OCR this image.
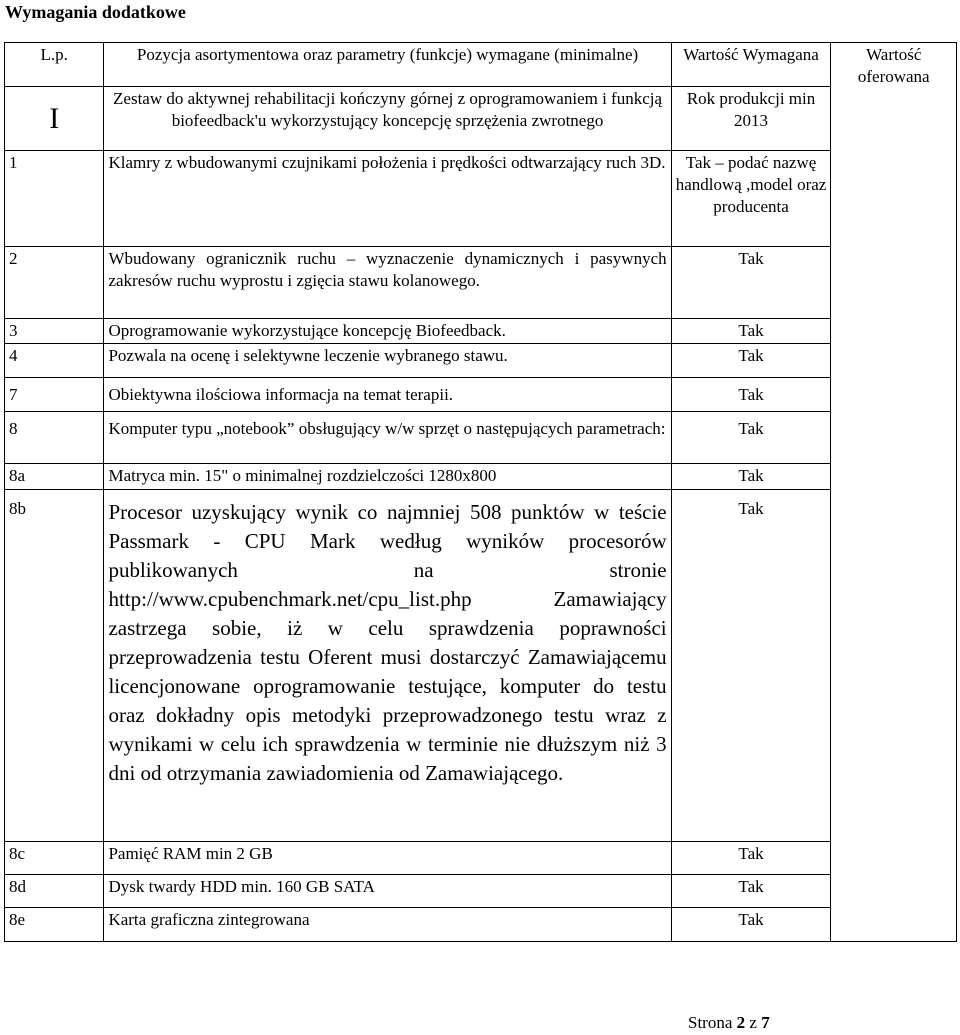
Wymagania dodatkowe
L.p.	Pozycja asortymentowa oraz parametry (funkcje) wymagane (minimalne)	Wartość Wymagana	Wartość oferowana
I	Zestaw do aktywnej rehabilitacji kończyny górnej z oprogramowaniem i funkcją biofeedback'u wykorzystujący koncepcję sprzężenia zwrotnego	Rok produkcji min 2013	
1	Klamry z wbudowanymi czujnikami położenia i prędkości odtwarzający ruch 3D.	Tak – podać nazwę handlową ,model oraz producenta	
2	Wbudowany ogranicznik ruchu – wyznaczenie dynamicznych i pasywnych zakresów ruchu wyprostu i zgięcia stawu kolanowego.	Tak	
3	Oprogramowanie wykorzystujące koncepcję Biofeedback.	Tak	
4	Pozwala na ocenę i selektywne leczenie wybranego stawu.	Tak	
7	Obiektywna ilościowa informacja na temat terapii.	Tak	
8	Komputer typu „notebook” obsługujący w/w sprzęt o następujących parametrach:	Tak	
8a	Matryca min. 15" o minimalnej rozdzielczości 1280x800	Tak	
8b	Procesor uzyskujący wynik co najmniej 508 punktów w teście Passmark - CPU Mark według wyników procesorów publikowanych na stronie http://www.cpubenchmark.net/cpu_list.php Zamawiający zastrzega sobie, iż w celu sprawdzenia poprawności przeprowadzenia testu Oferent musi dostarczyć Zamawiającemu licencjonowane oprogramowanie testujące, komputer do testu oraz dokładny opis metodyki przeprowadzonego testu wraz z wynikami w celu ich sprawdzenia w terminie nie dłuższym niż 3 dni od otrzymania zawiadomienia od Zamawiającego.	Tak	
8c	Pamięć RAM min 2 GB	Tak	
8d	Dysk twardy HDD min. 160 GB SATA	Tak	
8e	Karta graficzna zintegrowana	Tak	
Strona 2 z 7
